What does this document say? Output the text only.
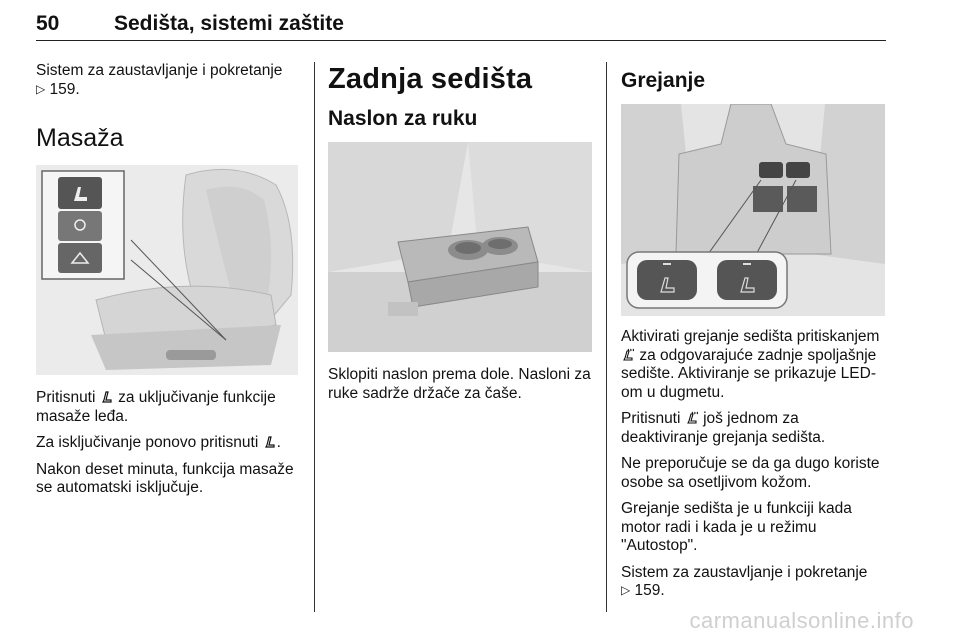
50	Sedišta, sistemi zaštite

Sistem za zaustavljanje i pokretanje
▷ 159.

Masaža

Pritisnuti za uključivanje funkcije masaže leđa.

Za isključivanje ponovo pritisnuti .

Nakon deset minuta, funkcija masaže se automatski isključuje.

Zadnja sedišta
Naslon za ruku

Sklopiti naslon prema dole. Nasloni za ruke sadrže držače za čaše.

Grejanje

Aktivirati grejanje sedišta pritiskanjem  za odgovarajuće zadnje spoljašnje sedište. Aktiviranje se prikazuje LED-om u dugmetu.

Pritisnuti još jednom za deaktiviranje grejanja sedišta.

Ne preporučuje se da ga dugo koriste osobe sa osetljivom kožom.

Grejanje sedišta je u funkciji kada motor radi i kada je u režimu "Autostop".

Sistem za zaustavljanje i pokretanje
▷ 159.

carmanualsonline.info
